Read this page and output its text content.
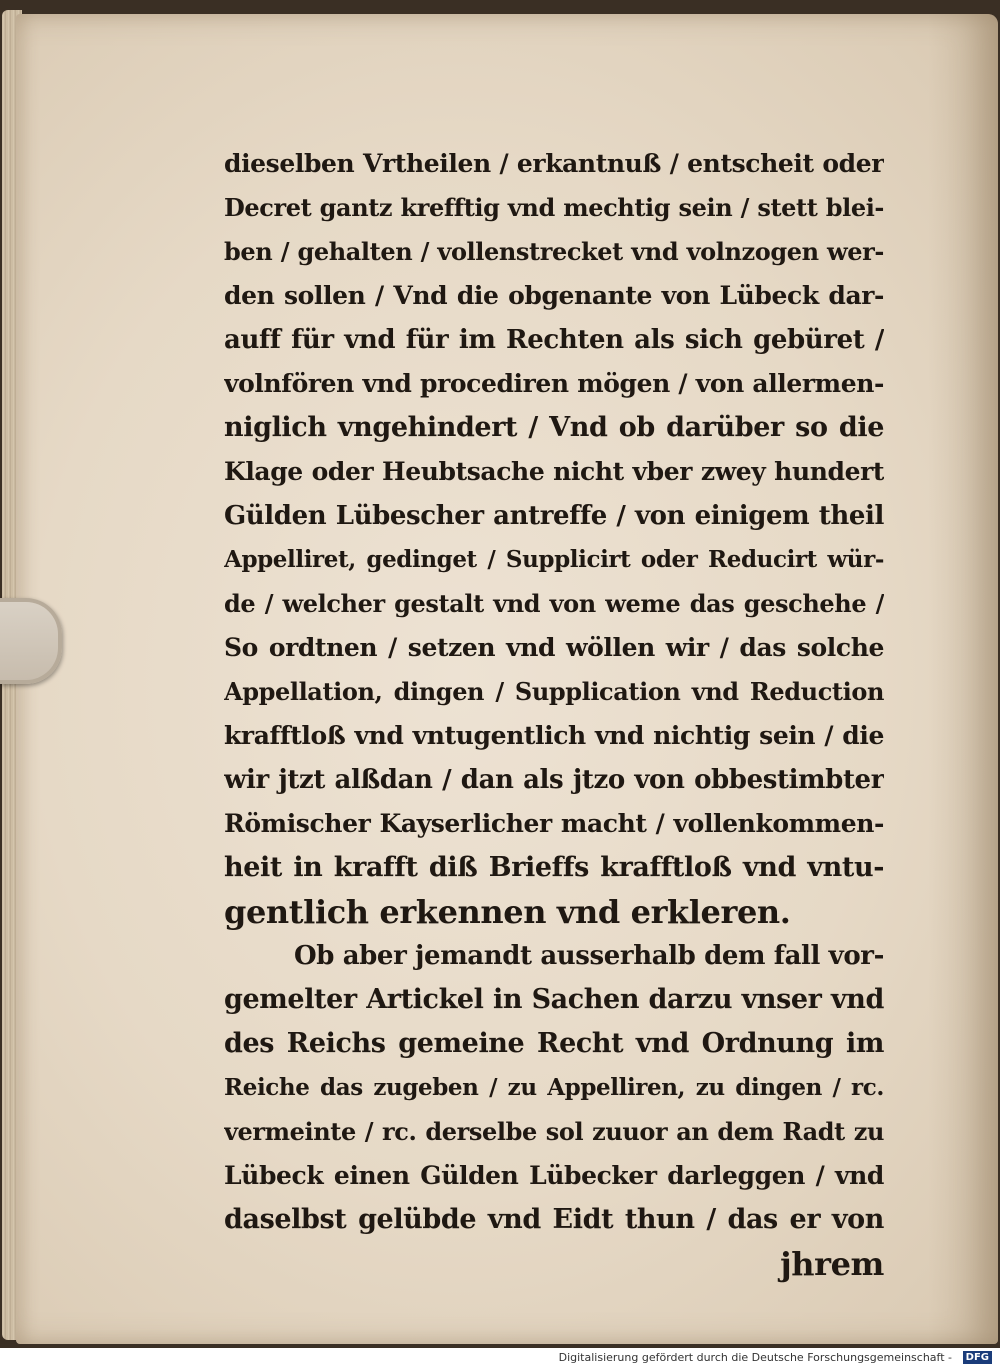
dieselben Vrtheilen / erkantnuß / entscheit oder
Decret gantz krefftig vnd mechtig sein / stett blei-
ben / gehalten / vollenstrecket vnd volnzogen wer-
den sollen / Vnd die obgenante von Lübeck dar-
auff für vnd für im Rechten als sich gebüret /
volnfören vnd procediren mögen / von allermen-
niglich vngehindert / Vnd ob darüber so die
Klage oder Heubtsache nicht vber zwey hundert
Gülden Lübescher antreffe / von einigem theil
Appelliret, gedinget / Supplicirt oder Reducirt wür-
de / welcher gestalt vnd von weme das geschehe /
So ordtnen / setzen vnd wöllen wir / das solche
Appellation, dingen / Supplication vnd Reduction
krafftloß vnd vntugentlich vnd nichtig sein / die
wir jtzt alßdan / dan als jtzo von obbestimbter
Römischer Kayserlicher macht / vollenkommen-
heit in krafft diß Brieffs krafftloß vnd vntu-
gentlich erkennen vnd erkleren.
Ob aber jemandt ausserhalb dem fall vor-
gemelter Artickel in Sachen darzu vnser vnd
des Reichs gemeine Recht vnd Ordnung im
Reiche das zugeben / zu Appelliren, zu dingen / rc.
vermeinte / rc. derselbe sol zuuor an dem Radt zu
Lübeck einen Gülden Lübecker darleggen / vnd
daselbst gelübde vnd Eidt thun / das er von
jhrem
Digitalisierung gefördert durch die Deutsche Forschungsgemeinschaft -	DFG
